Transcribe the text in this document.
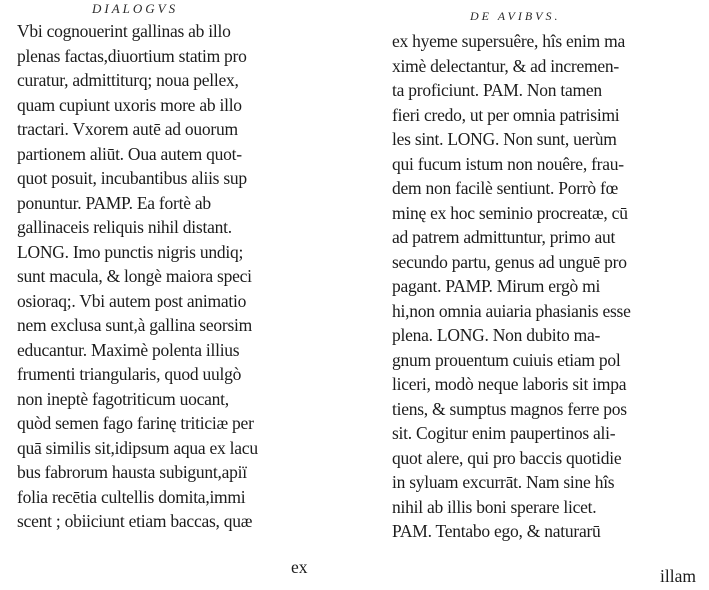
DIALOGVS
Vbi cognouerint gallinas ab illo
plenas factas,diuortium statim pro
curatur, admittiturq; noua pellex,
quam cupiunt uxoris more ab illo
tractari. Vxorem autē ad ouorum
partionem aliūt. Oua autem quot-
quot posuit, incubantibus aliis sup
ponuntur. PAMP. Ea fortè ab
gallinaceis reliquis nihil distant.
LONG. Imo punctis nigris undiq;
sunt macula, & longè maiora speci
osioraq;. Vbi autem post animatio
nem exclusa sunt,à gallina seorsim
educantur. Maximè polenta illius
frumenti triangularis, quod uulgò
non ineptè fagotriticum uocant,
quòd semen fago farinę triticiæ per
quā similis sit,idipsum aqua ex lacu
bus fabrorum hausta subigunt,apiï
folia recētia cultellis domita,immi
scent ; obiiciunt etiam baccas, quæ
ex
DE AVIBVS.
ex hyeme supersuêre, hîs enim ma
ximè delectantur, & ad incremen-
ta proficiunt. PAM. Non tamen
fieri credo, ut per omnia patrisimi
les sint. LONG. Non sunt, uerùm
qui fucum istum non nouêre, frau-
dem non facilè sentiunt. Porrò fœ
minę ex hoc seminio procreatæ, cū
ad patrem admittuntur, primo aut
secundo partu, genus ad unguē pro
pagant. PAMP. Mirum ergò mi
hi,non omnia auiaria phasianis esse
plena. LONG. Non dubito ma-
gnum prouentum cuiuis etiam pol
liceri, modò neque laboris sit impa
tiens, & sumptus magnos ferre pos
sit. Cogitur enim paupertinos ali-
quot alere, qui pro baccis quotidie
in syluam excurrāt. Nam sine hîs
nihil ab illis boni sperare licet.
PAM. Tentabo ego, & naturarū
illam
